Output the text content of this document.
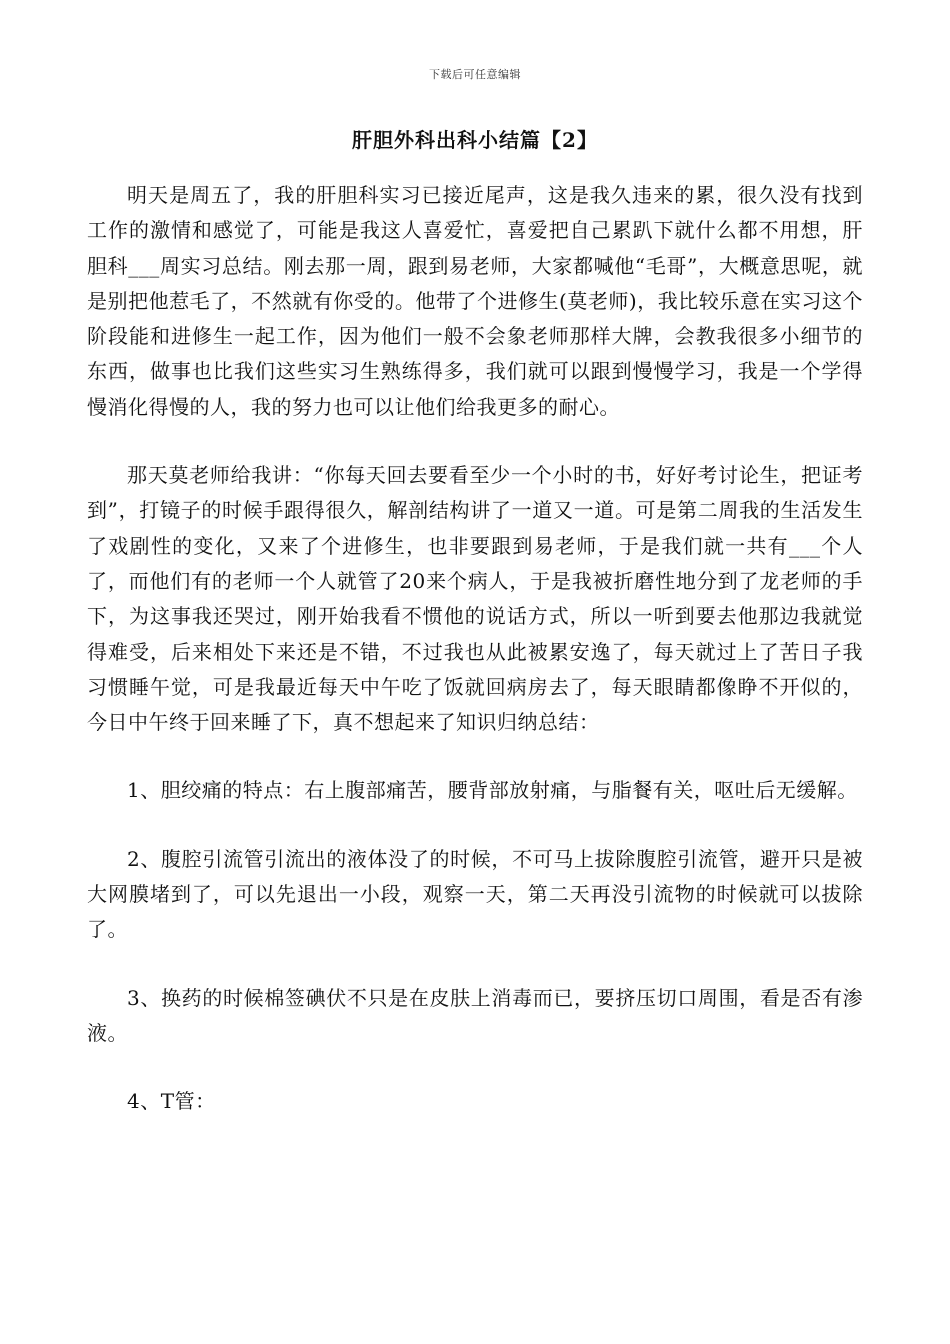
下载后可任意编辑
肝胆外科出科小结篇【2】

明天是周五了，我的肝胆科实习已接近尾声，这是我久违来的累，很久没有找到工作的激情和感觉了，可能是我这人喜爱忙，喜爱把自己累趴下就什么都不用想，肝胆科___周实习总结。刚去那一周，跟到易老师，大家都喊他“毛哥”，大概意思呢，就是别把他惹毛了，不然就有你受的。他带了个进修生(莫老师)，我比较乐意在实习这个阶段能和进修生一起工作，因为他们一般不会象老师那样大牌，会教我很多小细节的东西，做事也比我们这些实习生熟练得多，我们就可以跟到慢慢学习，我是一个学得慢消化得慢的人，我的努力也可以让他们给我更多的耐心。

那天莫老师给我讲：“你每天回去要看至少一个小时的书，好好考讨论生，把证考到”，打镜子的时候手跟得很久，解剖结构讲了一道又一道。可是第二周我的生活发生了戏剧性的变化，又来了个进修生，也非要跟到易老师，于是我们就一共有___个人了，而他们有的老师一个人就管了20来个病人，于是我被折磨性地分到了龙老师的手下，为这事我还哭过，刚开始我看不惯他的说话方式，所以一听到要去他那边我就觉得难受，后来相处下来还是不错，不过我也从此被累安逸了，每天就过上了苦日子我习惯睡午觉，可是我最近每天中午吃了饭就回病房去了，每天眼睛都像睁不开似的，今日中午终于回来睡了下，真不想起来了知识归纳总结：

1、胆绞痛的特点：右上腹部痛苦，腰背部放射痛，与脂餐有关，呕吐后无缓解。

2、腹腔引流管引流出的液体没了的时候，不可马上拔除腹腔引流管，避开只是被大网膜堵到了，可以先退出一小段，观察一天，第二天再没引流物的时候就可以拔除了。

3、换药的时候棉签碘伏不只是在皮肤上消毒而已，要挤压切口周围，看是否有渗液。

4、T管：
